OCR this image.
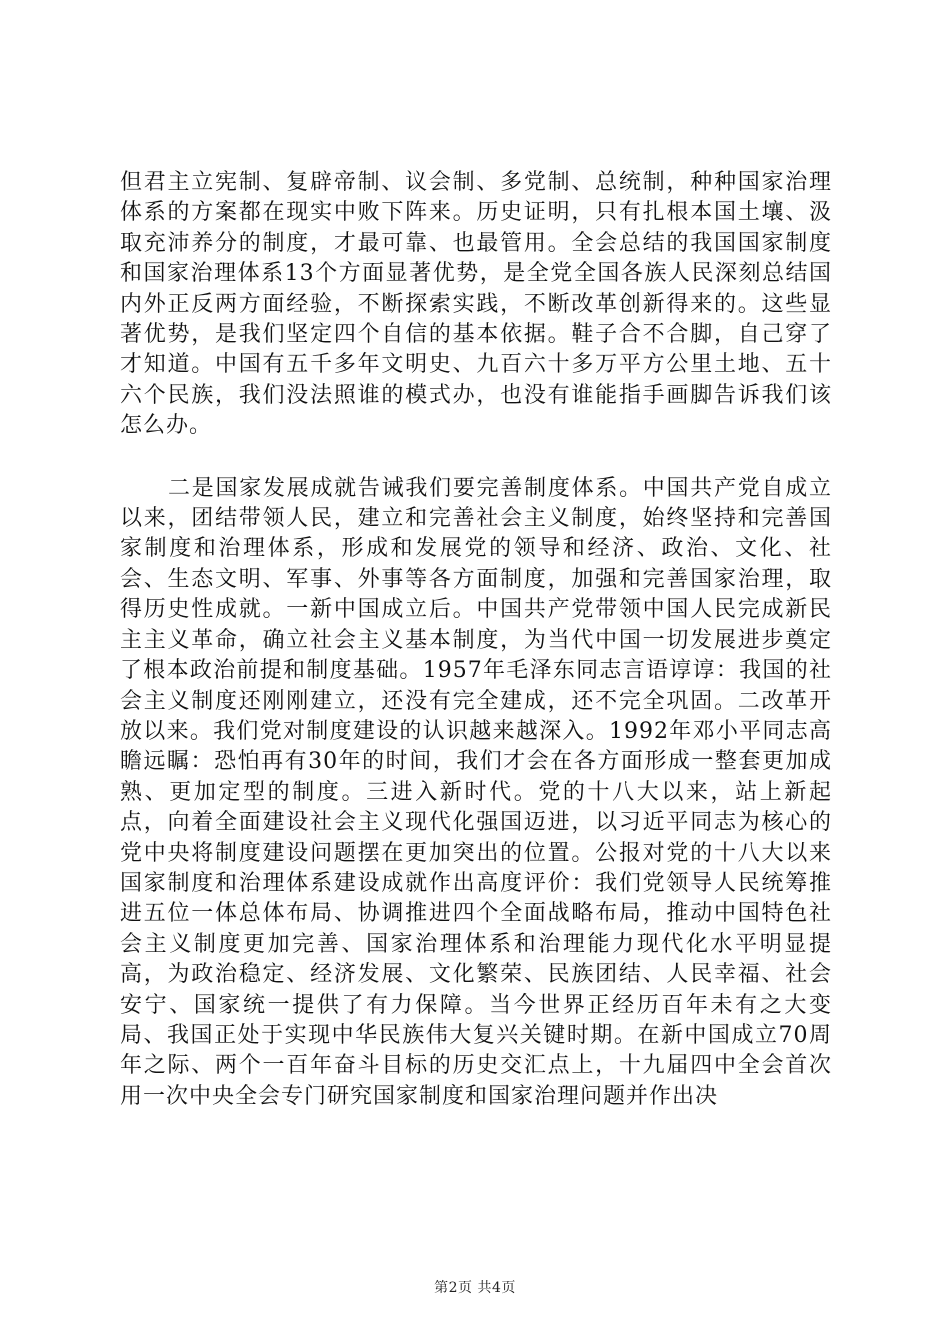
但君主立宪制、复辟帝制、议会制、多党制、总统制，种种国家治理体系的方案都在现实中败下阵来。历史证明，只有扎根本国土壤、汲取充沛养分的制度，才最可靠、也最管用。全会总结的我国国家制度和国家治理体系13个方面显著优势，是全党全国各族人民深刻总结国内外正反两方面经验，不断探索实践，不断改革创新得来的。这些显著优势，是我们坚定四个自信的基本依据。鞋子合不合脚，自己穿了才知道。中国有五千多年文明史、九百六十多万平方公里土地、五十六个民族，我们没法照谁的模式办，也没有谁能指手画脚告诉我们该怎么办。

二是国家发展成就告诫我们要完善制度体系。中国共产党自成立以来，团结带领人民，建立和完善社会主义制度，始终坚持和完善国家制度和治理体系，形成和发展党的领导和经济、政治、文化、社会、生态文明、军事、外事等各方面制度，加强和完善国家治理，取得历史性成就。一新中国成立后。中国共产党带领中国人民完成新民主主义革命，确立社会主义基本制度，为当代中国一切发展进步奠定了根本政治前提和制度基础。1957年毛泽东同志言语谆谆：我国的社会主义制度还刚刚建立，还没有完全建成，还不完全巩固。二改革开放以来。我们党对制度建设的认识越来越深入。1992年邓小平同志高瞻远瞩：恐怕再有30年的时间，我们才会在各方面形成一整套更加成熟、更加定型的制度。三进入新时代。党的十八大以来，站上新起点，向着全面建设社会主义现代化强国迈进，以习近平同志为核心的党中央将制度建设问题摆在更加突出的位置。公报对党的十八大以来国家制度和治理体系建设成就作出高度评价：我们党领导人民统筹推进五位一体总体布局、协调推进四个全面战略布局，推动中国特色社会主义制度更加完善、国家治理体系和治理能力现代化水平明显提高，为政治稳定、经济发展、文化繁荣、民族团结、人民幸福、社会安宁、国家统一提供了有力保障。当今世界正经历百年未有之大变局、我国正处于实现中华民族伟大复兴关键时期。在新中国成立70周年之际、两个一百年奋斗目标的历史交汇点上，十九届四中全会首次用一次中央全会专门研究国家制度和国家治理问题并作出决

第2页 共4页
